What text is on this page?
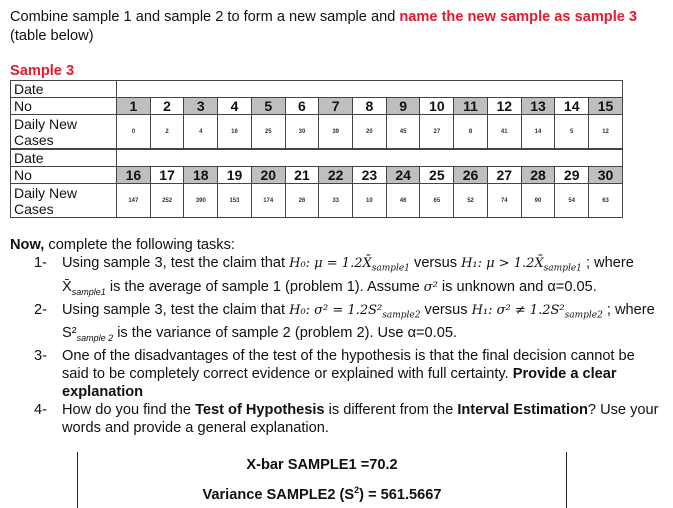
Combine sample 1 and sample 2 to form a new sample and name the new sample as sample 3 (table below)
Sample 3
Date															
No	1	2	3	4	5	6	7	8	9	10	11	12	13	14	15
Daily New
Cases	0	2	4	16	25	30	39	20	45	27	8	41	14	5	12
Date															
No	16	17	18	19	20	21	22	23	24	25	26	27	28	29	30
Daily New
Cases	147	252	390	153	174	26	33	10	46	65	52	74	90	54	63
Now, complete the following tasks:
1- Using sample 3, test the claim that H₀: $\mu = 1.2X̄_{sample1}$ versus H₁: $\mu > 1.2X̄_{sample1}$ ; where $X̄_{sample1}$ is the average of sample 1 (problem 1). Assume σ² is unknown and α=0.05.
2- Using sample 3, test the claim that H₀: $\sigma^2 = 1.2S^2_{sample2}$ versus H₁: $\sigma^2 \ne 1.2S^2_{sample2}$ ; where $S^2_{sample 2}$ is the variance of sample 2 (problem 2). Use α=0.05.
3- One of the disadvantages of the test of the hypothesis is that the final decision cannot be said to be completely correct evidence or explained with full certainty. Provide a clear explanation
4- How do you find the Test of Hypothesis is different from the Interval Estimation? Use your words and provide a general explanation.
X-bar SAMPLE1 =70.2
Variance SAMPLE2 $(S^2) = 561.5667$
